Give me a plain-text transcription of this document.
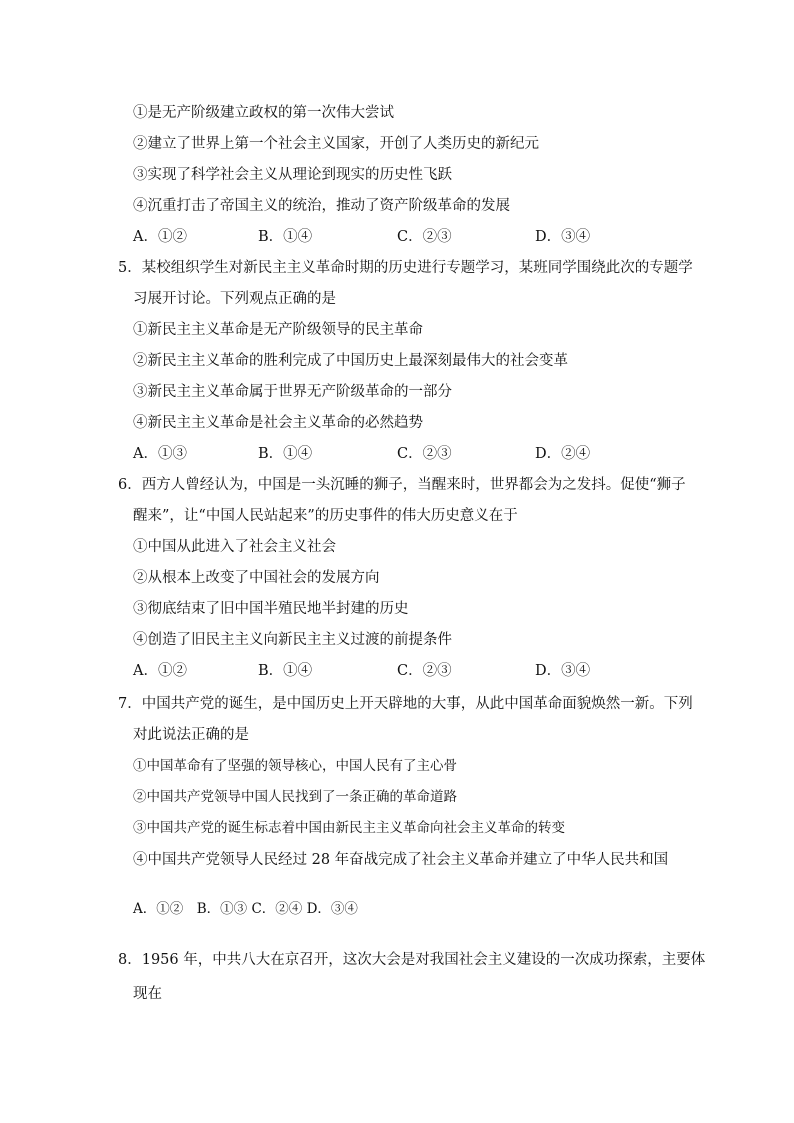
①是无产阶级建立政权的第一次伟大尝试
②建立了世界上第一个社会主义国家，开创了人类历史的新纪元
③实现了科学社会主义从理论到现实的历史性飞跃
④沉重打击了帝国主义的统治，推动了资产阶级革命的发展
A．①②	B．①④	C．②③	D．③④
5．某校组织学生对新民主主义革命时期的历史进行专题学习，某班同学围绕此次的专题学
习展开讨论。下列观点正确的是
①新民主主义革命是无产阶级领导的民主革命
②新民主主义革命的胜利完成了中国历史上最深刻最伟大的社会变革
③新民主主义革命属于世界无产阶级革命的一部分
④新民主主义革命是社会主义革命的必然趋势
A．①③	B．①④	C．②③	D．②④
6．西方人曾经认为，中国是一头沉睡的狮子，当醒来时，世界都会为之发抖。促使“狮子
醒来”，让“中国人民站起来”的历史事件的伟大历史意义在于
①中国从此进入了社会主义社会
②从根本上改变了中国社会的发展方向
③彻底结束了旧中国半殖民地半封建的历史
④创造了旧民主主义向新民主主义过渡的前提条件
A．①②	B．①④	C．②③	D．③④
7．中国共产党的诞生，是中国历史上开天辟地的大事，从此中国革命面貌焕然一新。下列
对此说法正确的是
①中国革命有了坚强的领导核心，中国人民有了主心骨
②中国共产党领导中国人民找到了一条正确的革命道路
③中国共产党的诞生标志着中国由新民主主义革命向社会主义革命的转变
④中国共产党领导人民经过 28 年奋战完成了社会主义革命并建立了中华人民共和国
A．①②　B．①③ C．②④ D．③④
8．1956 年，中共八大在京召开，这次大会是对我国社会主义建设的一次成功探索，主要体
现在
